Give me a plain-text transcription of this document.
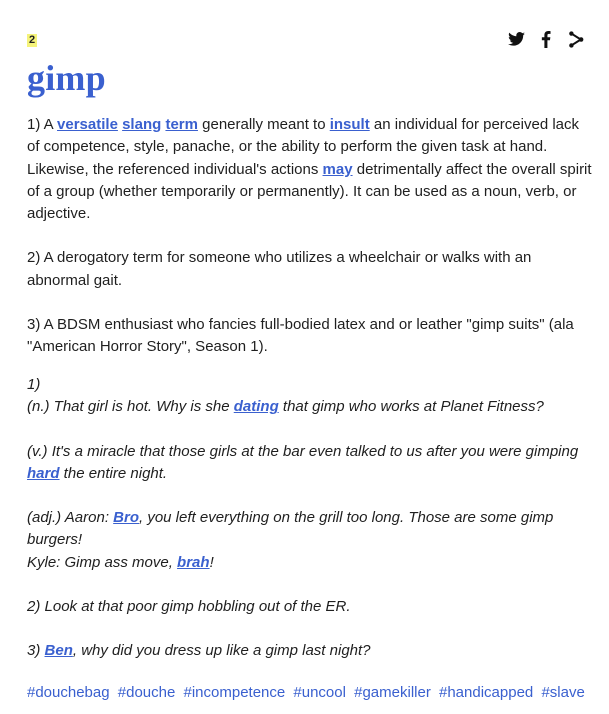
2
gimp

1) A versatile slang term generally meant to insult an individual for perceived lack of competence, style, panache, or the ability to perform the given task at hand. Likewise, the referenced individual's actions may detrimentally affect the overall spirit of a group (whether temporarily or permanently). It can be used as a noun, verb, or adjective.

2) A derogatory term for someone who utilizes a wheelchair or walks with an abnormal gait.

3) A BDSM enthusiast who fancies full-bodied latex and or leather "gimp suits" (ala "American Horror Story", Season 1).

1)
(n.) That girl is hot. Why is she dating that gimp who works at Planet Fitness?

(v.) It's a miracle that those girls at the bar even talked to us after you were gimping hard the entire night.

(adj.) Aaron: Bro, you left everything on the grill too long. Those are some gimp burgers!
Kyle: Gimp ass move, brah!

2) Look at that poor gimp hobbling out of the ER.

3) Ben, why did you dress up like a gimp last night?

#douchebag #douche #incompetence #uncool #gamekiller #handicapped #slave
